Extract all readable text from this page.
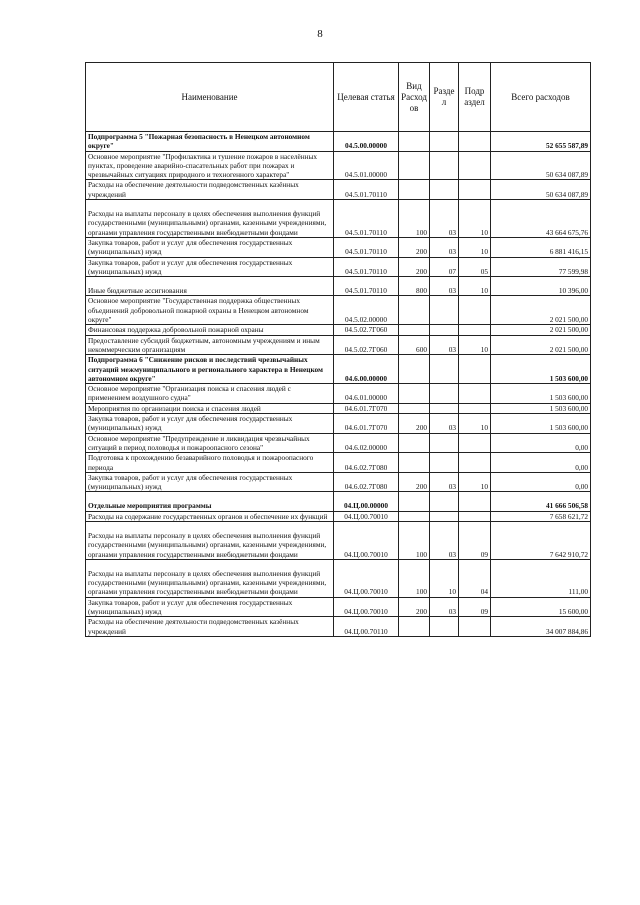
8
Наименование	Целевая статья	Вид Расход ов	Разде л	Подр аздел	Всего расходов
Подпрограмма 5 "Пожарная безопасность в Ненецком автономном округе"	04.5.00.00000				52 655 587,89
Основное мероприятие "Профилактика и тушение пожаров в населённых пунктах, проведение аварийно-спасательных работ при пожарах и чрезвычайных ситуациях природного и техногенного характера"	04.5.01.00000				50 634 087,89
Расходы на обеспечение деятельности подведомственных казённых учреждений	04.5.01.70110				50 634 087,89
Расходы на выплаты персоналу в целях обеспечения выполнения функций государственными (муниципальными) органами, казенными учреждениями, органами управления государственными внебюджетными фондами	04.5.01.70110	100	03	10	43 664 675,76
Закупка товаров, работ и услуг для обеспечения государственных (муниципальных) нужд	04.5.01.70110	200	03	10	6 881 416,15
Закупка товаров, работ и услуг для обеспечения государственных (муниципальных) нужд	04.5.01.70110	200	07	05	77 599,98
Иные бюджетные ассигнования	04.5.01.70110	800	03	10	10 396,00
Основное мероприятие "Государственная поддержка общественных объединений добровольной пожарной охраны в Ненецком автономном округе"	04.5.02.00000				2 021 500,00
Финансовая поддержка добровольной пожарной охраны	04.5.02.7Г060				2 021 500,00
Предоставление субсидий бюджетным, автономным учреждениям и иным некоммерческим организациям	04.5.02.7Г060	600	03	10	2 021 500,00
Подпрограмма 6 "Снижение рисков и последствий чрезвычайных ситуаций межмуниципального и регионального характера в Ненецком автономном округе"	04.6.00.00000				1 503 600,00
Основное мероприятие "Организация поиска и спасения людей с применением воздушного судна"	04.6.01.00000				1 503 600,00
Мероприятия по организации поиска и спасения людей	04.6.01.7Г070				1 503 600,00
Закупка товаров, работ и услуг для обеспечения государственных (муниципальных) нужд	04.6.01.7Г070	200	03	10	1 503 600,00
Основное мероприятие "Предупреждение и ликвидация чрезвычайных ситуаций в период половодья и пожароопасного сезона"	04.6.02.00000				0,00
Подготовка к прохождению безаварийного половодья и пожароопасного периода	04.6.02.7Г080				0,00
Закупка товаров, работ и услуг для обеспечения государственных (муниципальных) нужд	04.6.02.7Г080	200	03	10	0,00
Отдельные мероприятия программы	04.Ц.00.00000				41 666 506,58
Расходы на содержание государственных органов и обеспечение их функций	04.Ц.00.70010				7 658 621,72
Расходы на выплаты персоналу в целях обеспечения выполнения функций государственными (муниципальными) органами, казенными учреждениями, органами управления государственными внебюджетными фондами	04.Ц.00.70010	100	03	09	7 642 910,72
Расходы на выплаты персоналу в целях обеспечения выполнения функций государственными (муниципальными) органами, казенными учреждениями, органами управления государственными внебюджетными фондами	04.Ц.00.70010	100	10	04	111,00
Закупка товаров, работ и услуг для обеспечения государственных (муниципальных) нужд	04.Ц.00.70010	200	03	09	15 600,00
Расходы на обеспечение деятельности подведомственных казённых учреждений	04.Ц.00.70110				34 007 884,86
